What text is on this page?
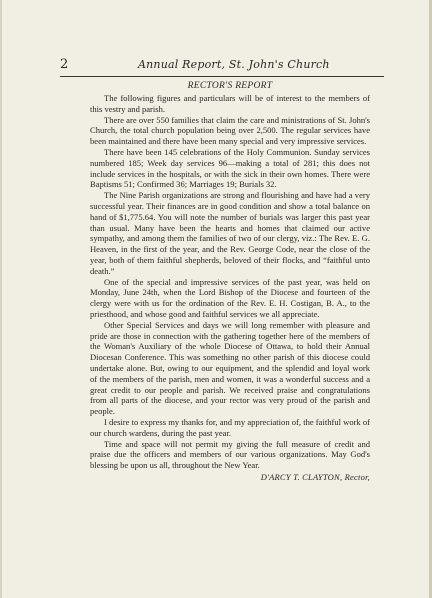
2	Annual Report, St. John's Church
RECTOR'S REPORT

The following figures and particulars will be of interest to the members of this vestry and parish.

There are over 550 families that claim the care and ministrations of St. John's Church, the total church population being over 2,500. The regular services have been maintained and there have been many special and very impressive services.

There have been 145 celebrations of the Holy Communion. Sunday services numbered 185; Week day services 96—making a total of 281; this does not include services in the hospitals, or with the sick in their own homes. There were Baptisms 51; Confirmed 36; Marriages 19; Burials 32.

The Nine Parish organizations are strong and flourishing and have had a very successful year. Their finances are in good condition and show a total balance on hand of $1,775.64. You will note the number of burials was larger this past year than usual. Many have been the hearts and homes that claimed our active sympathy, and among them the families of two of our clergy, viz.: The Rev. E. G. Heaven, in the first of the year, and the Rev. George Code, near the close of the year, both of them faithful shepherds, beloved of their flocks, and “faithful unto death.”

One of the special and impressive services of the past year, was held on Monday, June 24th, when the Lord Bishop of the Diocese and fourteen of the clergy were with us for the ordination of the Rev. E. H. Costigan, B. A., to the priesthood, and whose good and faithful services we all appreciate.

Other Special Services and days we will long remember with pleasure and pride are those in connection with the gathering together here of the members of the Woman's Auxiliary of the whole Diocese of Ottawa, to hold their Annual Diocesan Conference. This was something no other parish of this diocese could undertake alone. But, owing to our equipment, and the splendid and loyal work of the members of the parish, men and women, it was a wonderful success and a great credit to our people and parish. We received praise and congratulations from all parts of the diocese, and your rector was very proud of the parish and people.

I desire to express my thanks for, and my appreciation of, the faithful work of our church wardens, during the past year.

Time and space will not permit my giving the full measure of credit and praise due the officers and members of our various organizations. May God's blessing be upon us all, throughout the New Year.

D'ARCY T. CLAYTON, Rector,
